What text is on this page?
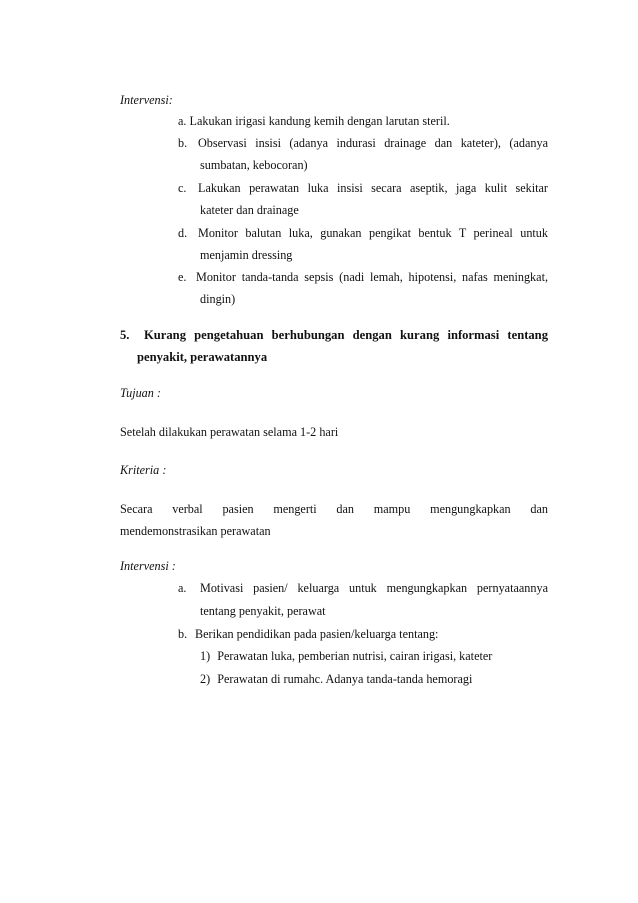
Intervensi:
a. Lakukan irigasi kandung kemih dengan larutan steril.
b. Observasi insisi (adanya indurasi drainage dan kateter), (adanya
sumbatan, kebocoran)
c. Lakukan perawatan luka insisi secara aseptik, jaga kulit sekitar
kateter dan drainage
d. Monitor balutan luka, gunakan pengikat bentuk T perineal untuk
menjamin dressing
e. Monitor tanda-tanda sepsis (nadi lemah, hipotensi, nafas meningkat,
dingin)
5. Kurang pengetahuan berhubungan dengan kurang informasi tentang
penyakit, perawatannya
Tujuan :
Setelah dilakukan perawatan selama 1-2 hari
Kriteria :
Secara verbal pasien mengerti dan mampu mengungkapkan dan
mendemonstrasikan perawatan
Intervensi :
a. Motivasi pasien/ keluarga untuk mengungkapkan pernyataannya
tentang penyakit, perawat
b. Berikan pendidikan pada pasien/keluarga tentang:
1) Perawatan luka, pemberian nutrisi, cairan irigasi, kateter
2) Perawatan di rumahc. Adanya tanda-tanda hemoragi
